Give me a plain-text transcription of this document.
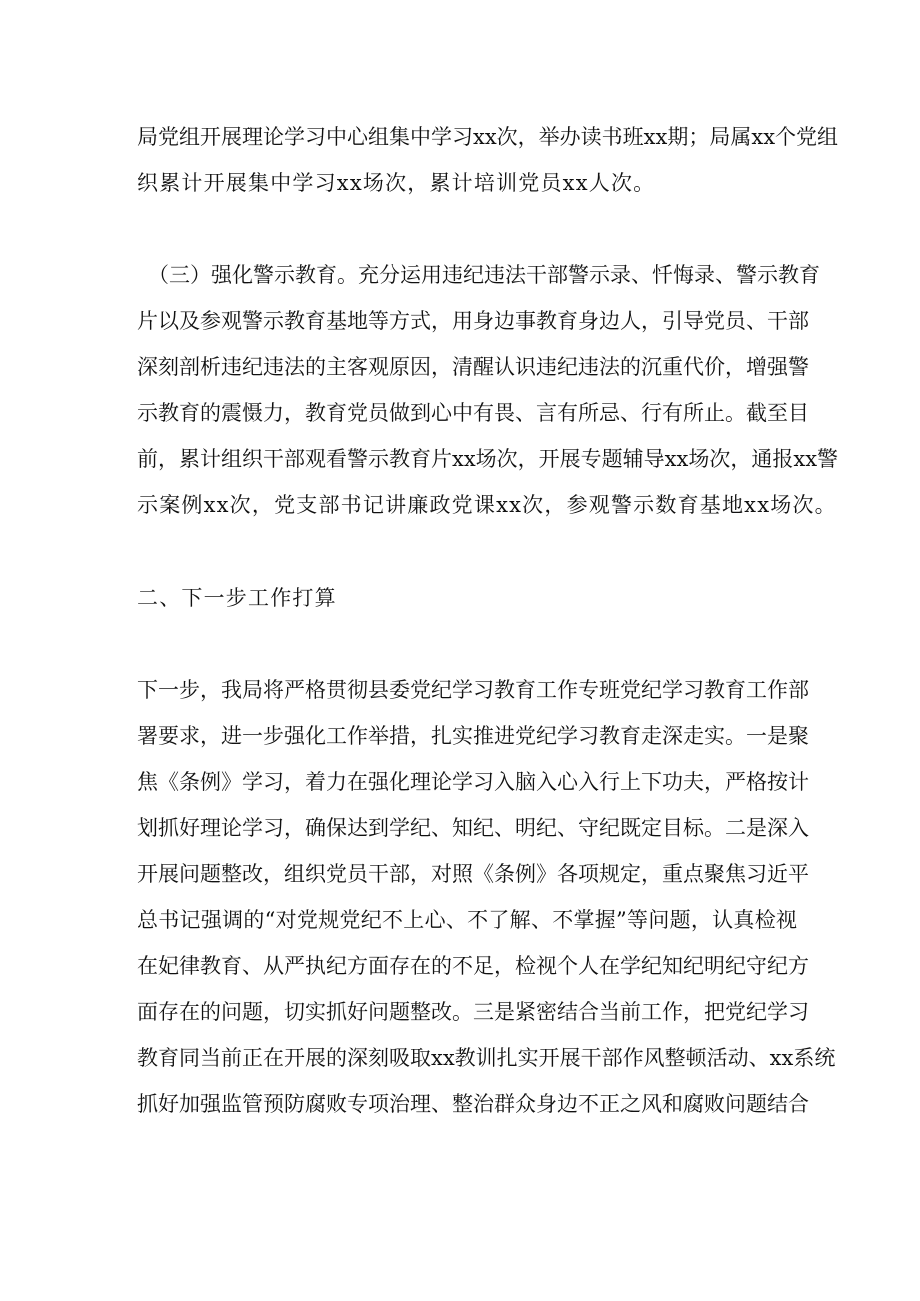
局党组开展理论学习中心组集中学习xx次，举办读书班xx期；局属xx个党组
织累计开展集中学习xx场次，累计培训党员xx人次。
（三）强化警示教育。充分运用违纪违法干部警示录、忏悔录、警示教育
片以及参观警示教育基地等方式，用身边事教育身边人，引导党员、干部
深刻剖析违纪违法的主客观原因，清醒认识违纪违法的沉重代价，增强警
示教育的震慑力，教育党员做到心中有畏、言有所忌、行有所止。截至目
前，累计组织干部观看警示教育片xx场次，开展专题辅导xx场次，通报xx警
示案例xx次，党支部书记讲廉政党课xx次，参观警示数育基地xx场次。
二、下一步工作打算
下一步，我局将严格贯彻县委党纪学习教育工作专班党纪学习教育工作部
署要求，进一步强化工作举措，扎实推进党纪学习教育走深走实。一是聚
焦《条例》学习，着力在强化理论学习入脑入心入行上下功夫，严格按计
划抓好理论学习，确保达到学纪、知纪、明纪、守纪既定目标。二是深入
开展问题整改，组织党员干部，对照《条例》各项规定，重点聚焦习近平
总书记强调的“对党规党纪不上心、不了解、不掌握”等问题，认真检视
在妃律教育、从严执纪方面存在的不足，检视个人在学纪知纪明纪守纪方
面存在的问题，切实抓好问题整改。三是紧密结合当前工作，把党纪学习
教育同当前正在开展的深刻吸取xx教训扎实开展干部作风整顿活动、xx系统
抓好加强监管预防腐败专项治理、整治群众身边不正之风和腐败问题结合
